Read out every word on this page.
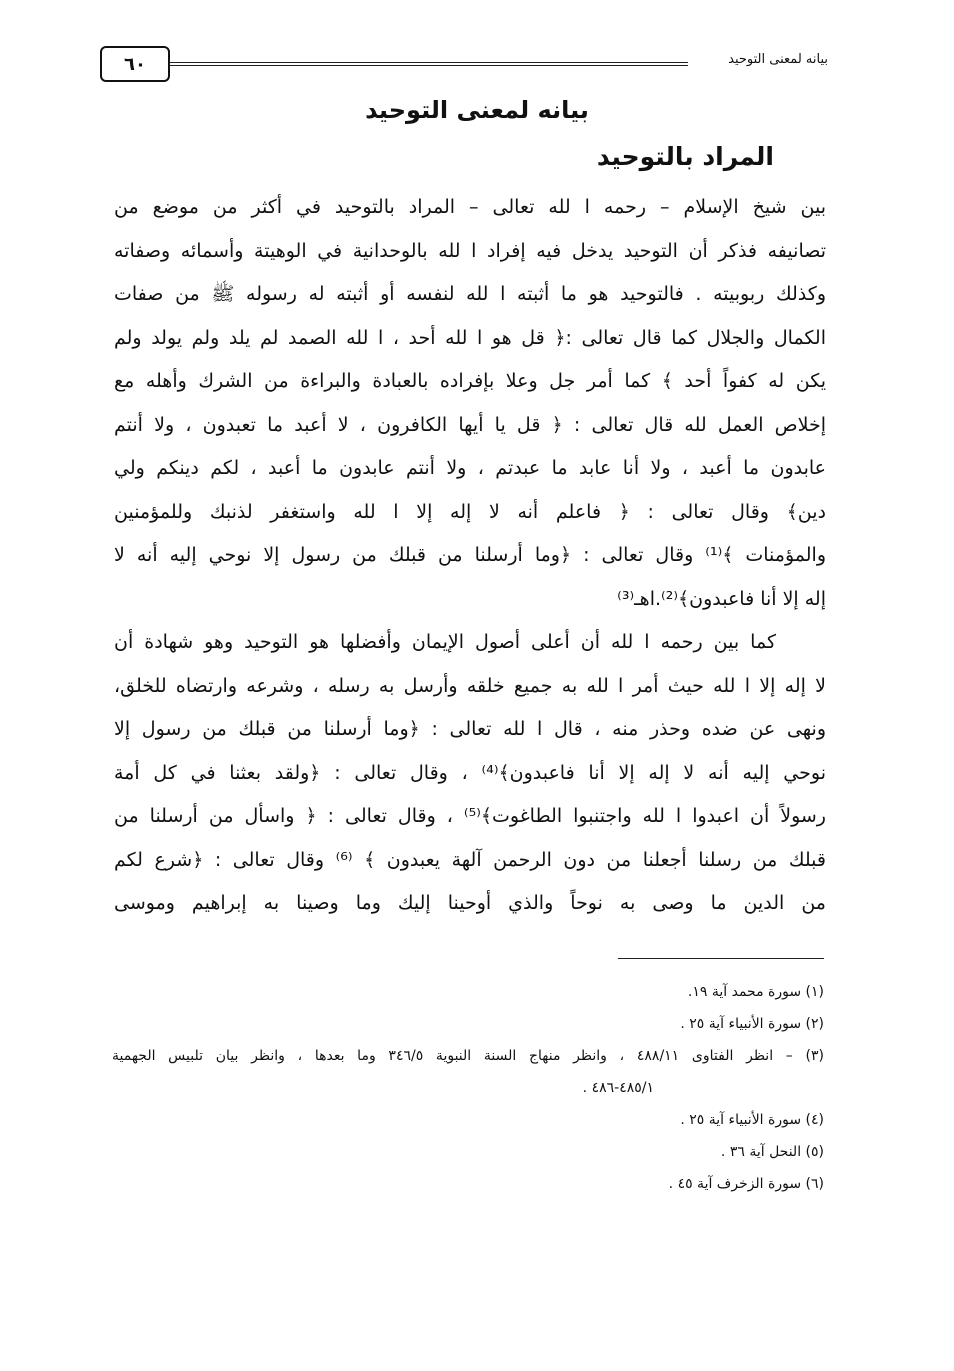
بيانه لمعنى التوحيد
٦٠
بيانه لمعنى التوحيد
المراد بالتوحيد
بين شيخ الإسلام – رحمه ا لله تعالى – المراد بالتوحيد في أكثر من موضع من
تصانيفه فذكر أن التوحيد يدخل فيه إفراد ا لله بالوحدانية في الوهيتة وأسمائه وصفاته
وكذلك ربوبيته . فالتوحيد هو ما أثبته ا لله لنفسه أو أثبته له رسوله ﷺ من صفات
الكمال والجلال كما قال تعالى :﴿ قل هو ا لله أحد ، ا لله الصمد لم يلد ولم يولد ولم
يكن له كفواً أحد ﴾ كما أمر جل وعلا بإفراده بالعبادة والبراءة من الشرك وأهله مع
إخلاص العمل لله قال تعالى : ﴿ قل يا أيها الكافرون ، لا أعبد ما تعبدون ، ولا أنتم
عابدون ما أعبد ، ولا أنا عابد ما عبدتم ، ولا أنتم عابدون ما أعبد ، لكم دينكم ولي
دين﴾ وقال تعالى : ﴿ فاعلم أنه لا إله إلا ا لله واستغفر لذنبك وللمؤمنين
والمؤمنات ﴾⁽¹⁾ وقال تعالى : ﴿وما أرسلنا من قبلك من رسول إلا نوحي إليه أنه لا
إله إلا أنا فاعبدون﴾⁽²⁾.اهـ⁽³⁾
كما بين رحمه ا لله أن أعلى أصول الإيمان وأفضلها هو التوحيد وهو شهادة أن
لا إله إلا ا لله حيث أمر ا لله به جميع خلقه وأرسل به رسله ، وشرعه وارتضاه للخلق،
ونهى عن ضده وحذر منه ، قال ا لله تعالى : ﴿وما أرسلنا من قبلك من رسول إلا
نوحي إليه أنه لا إله إلا أنا فاعبدون﴾⁽⁴⁾ ، وقال تعالى : ﴿ولقد بعثنا في كل أمة
رسولاً أن اعبدوا ا لله واجتنبوا الطاغوت﴾⁽⁵⁾ ، وقال تعالى : ﴿ واسأل من أرسلنا من
قبلك من رسلنا أجعلنا من دون الرحمن آلهة يعبدون ﴾ ⁽⁶⁾ وقال تعالى : ﴿شرع لكم
من الدين ما وصى به نوحاً والذي أوحينا إليك وما وصينا به إبراهيم وموسى
(١) سورة محمد آية ١٩.
(٢) سورة الأنبياء آية ٢٥ .
(٣) – انظر الفتاوى ٤٨٨/١١ ، وانظر منهاج السنة النبوية ٣٤٦/٥ وما بعدها ، وانظر بيان تلبيس الجهمية
٤٨٥/١-٤٨٦ .
(٤) سورة الأنبياء آية ٢٥ .
(٥) النحل آية ٣٦ .
(٦) سورة الزخرف آية ٤٥ .
